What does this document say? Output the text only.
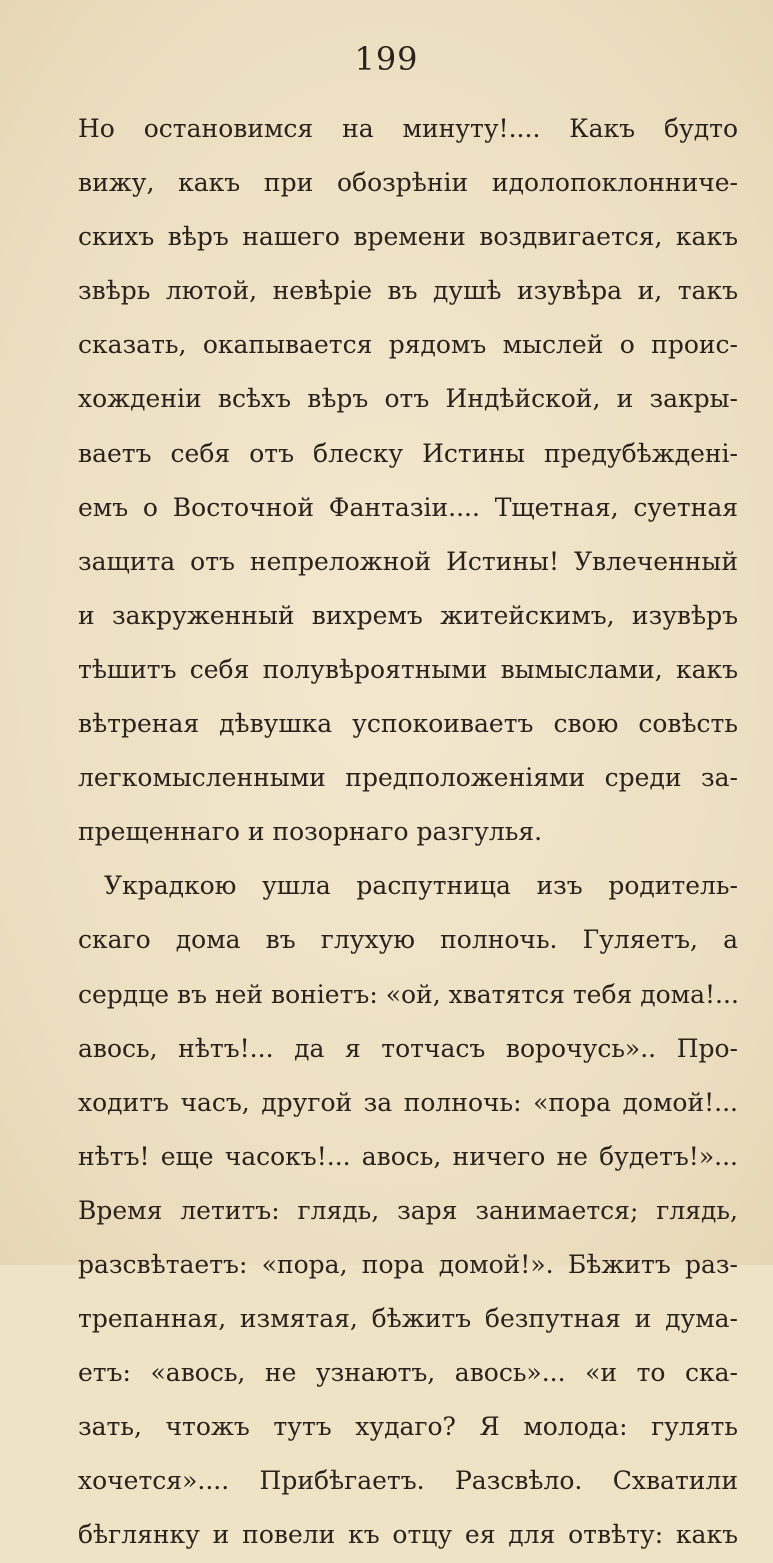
199
Но остановимся на минуту!.... Какъ будто
вижу, какъ при обозрѣніи идолопоклонниче-
скихъ вѣръ нашего времени воздвигается, какъ
звѣрь лютой, невѣріе въ душѣ изувѣра и, такъ
сказать, окапывается рядомъ мыслей о проис-
хожденіи всѣхъ вѣръ отъ Индѣйской, и закры-
ваетъ себя отъ блеску Истины предубѣжденi-
емъ о Восточной Фантазіи.... Тщетная, суетная
защита отъ непреложной Истины! Увлеченный
и закруженный вихремъ житейскимъ, изувѣръ
тѣшитъ себя полувѣроятными вымыслами, какъ
вѣтреная дѣвушка успокоиваетъ свою совѣсть
легкомысленными предположеніями среди за-
прещеннаго и позорнаго разгулья.
Украдкою ушла распутница изъ родитель-
скаго дома въ глухую полночь. Гуляетъ, а
сердце въ ней воніетъ: «ой, хватятся тебя дома!...
авось, нѣтъ!... да я тотчасъ ворочусь».. Про-
ходитъ часъ, другой за полночь: «пора домой!...
нѣтъ! еще часокъ!... авось, ничего не будетъ!»...
Время летитъ: глядь, заря занимается; глядь,
разсвѣтаетъ: «пора, пора домой!». Бѣжитъ раз-
трепанная, измятая, бѣжитъ безпутная и дума-
етъ: «авось, не узнаютъ, авось»... «и то ска-
зать, чтожъ тутъ худаго? Я молода: гулять
хочется».... Прибѣгаетъ. Разсвѣло. Схватили
бѣглянку и повели къ отцу ея для отвѣту: какъ
